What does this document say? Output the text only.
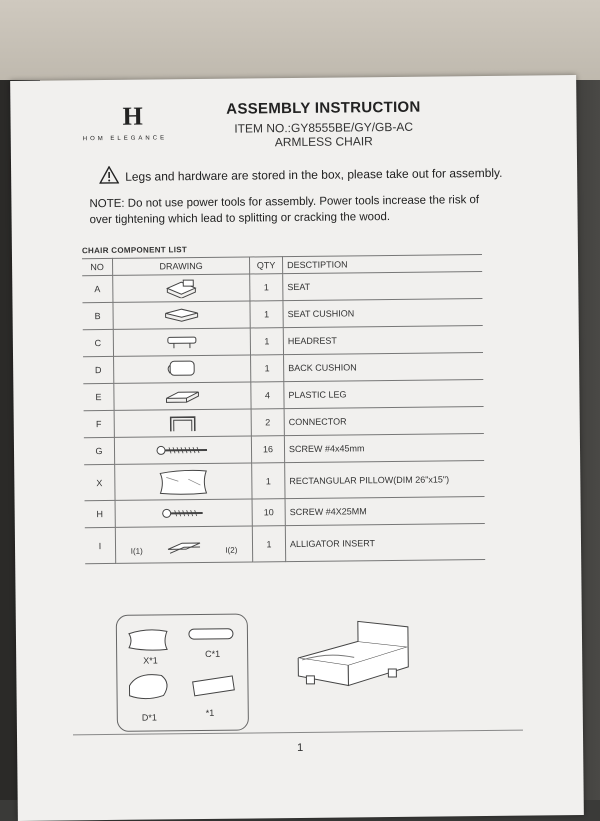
H
HOM ELEGANCE
ASSEMBLY INSTRUCTION
ITEM NO.:GY8555BE/GY/GB-AC
ARMLESS CHAIR
Legs and hardware are stored in the box, please take out for assembly.
NOTE: Do not use power tools for assembly. Power tools increase the risk of over tightening which lead to splitting or cracking the wood.
CHAIR COMPONENT LIST
NO	DRAWING	QTY	DESCTIPTION
A		1	SEAT
B		1	SEAT CUSHION
C		1	HEADREST
D		1	BACK CUSHION
E		4	PLASTIC LEG
F		2	CONNECTOR
G		16	SCREW #4x45mm
X		1	RECTANGULAR PILLOW(DIM 26"x15")
H		10	SCREW #4X25MM
I	I(1) I(2)	1	ALLIGATOR INSERT
X*1
C*1
D*1	*1
1
